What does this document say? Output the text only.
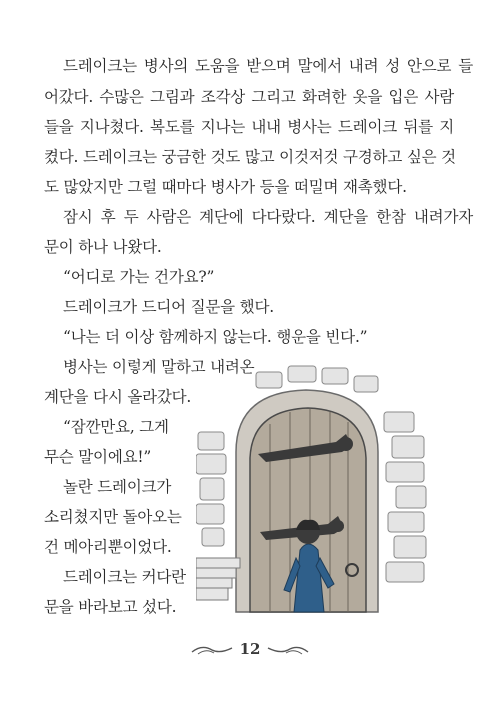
드레이크는 병사의 도움을 받으며 말에서 내려 성 안으로 들
어갔다. 수많은 그림과 조각상 그리고 화려한 옷을 입은 사람
들을 지나쳤다. 복도를 지나는 내내 병사는 드레이크 뒤를 지
켰다. 드레이크는 궁금한 것도 많고 이것저것 구경하고 싶은 것
도 많았지만 그럴 때마다 병사가 등을 떠밀며 재촉했다.
잠시 후 두 사람은 계단에 다다랐다. 계단을 한참 내려가자
문이 하나 나왔다.
“어디로 가는 건가요?”
드레이크가 드디어 질문을 했다.
“나는 더 이상 함께하지 않는다. 행운을 빈다.”
병사는 이렇게 말하고 내려온
계단을 다시 올라갔다.
“잠깐만요, 그게
무슨 말이에요!”
놀란 드레이크가
소리쳤지만 돌아오는
건 메아리뿐이었다.
드레이크는 커다란
문을 바라보고 섰다.
12
